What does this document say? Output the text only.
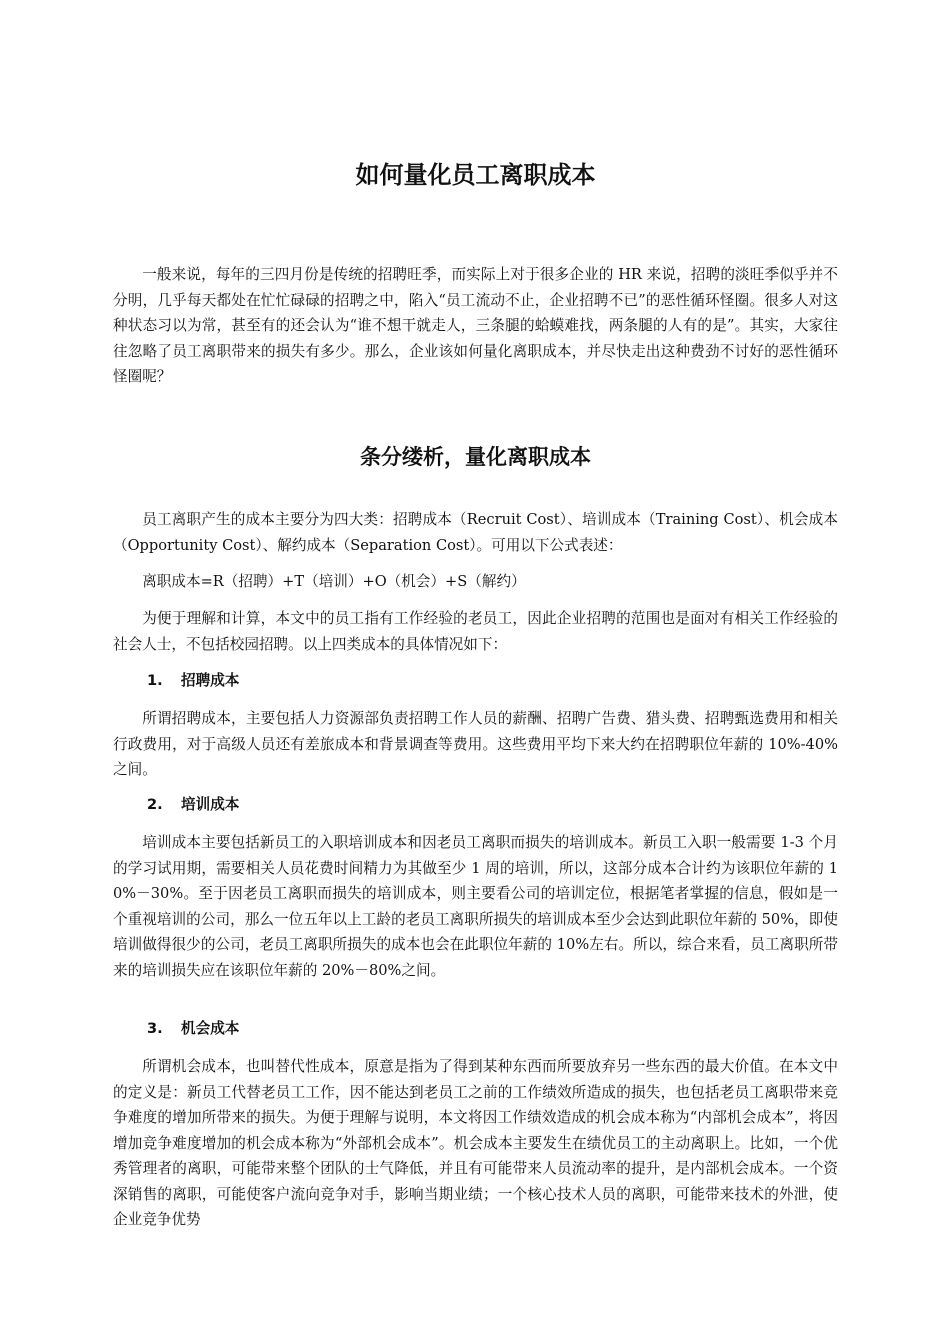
如何量化员工离职成本

一般来说，每年的三四月份是传统的招聘旺季，而实际上对于很多企业的 HR 来说，招聘的淡旺季似乎并不分明，几乎每天都处在忙忙碌碌的招聘之中，陷入“员工流动不止，企业招聘不已”的恶性循环怪圈。很多人对这种状态习以为常，甚至有的还会认为“谁不想干就走人，三条腿的蛤蟆难找，两条腿的人有的是”。其实，大家往往忽略了员工离职带来的损失有多少。那么，企业该如何量化离职成本，并尽快走出这种费劲不讨好的恶性循环怪圈呢？

条分缕析，量化离职成本

员工离职产生的成本主要分为四大类：招聘成本（Recruit Cost）、培训成本（Training Cost）、机会成本（Opportunity Cost）、解约成本（Separation Cost）。可用以下公式表述：

离职成本=R（招聘）+T（培训）+O（机会）+S（解约）

为便于理解和计算，本文中的员工指有工作经验的老员工，因此企业招聘的范围也是面对有相关工作经验的社会人士，不包括校园招聘。以上四类成本的具体情况如下：

1. 招聘成本

所谓招聘成本，主要包括人力资源部负责招聘工作人员的薪酬、招聘广告费、猎头费、招聘甄选费用和相关行政费用，对于高级人员还有差旅成本和背景调查等费用。这些费用平均下来大约在招聘职位年薪的 10%-40%之间。

2. 培训成本

培训成本主要包括新员工的入职培训成本和因老员工离职而损失的培训成本。新员工入职一般需要 1-3 个月的学习试用期，需要相关人员花费时间精力为其做至少 1 周的培训，所以，这部分成本合计约为该职位年薪的 10%－30%。至于因老员工离职而损失的培训成本，则主要看公司的培训定位，根据笔者掌握的信息，假如是一个重视培训的公司，那么一位五年以上工龄的老员工离职所损失的培训成本至少会达到此职位年薪的 50%，即使培训做得很少的公司，老员工离职所损失的成本也会在此职位年薪的 10%左右。所以，综合来看，员工离职所带来的培训损失应在该职位年薪的 20%－80%之间。

3. 机会成本

所谓机会成本，也叫替代性成本，原意是指为了得到某种东西而所要放弃另一些东西的最大价值。在本文中的定义是：新员工代替老员工工作，因不能达到老员工之前的工作绩效所造成的损失，也包括老员工离职带来竞争难度的增加所带来的损失。为便于理解与说明，本文将因工作绩效造成的机会成本称为“内部机会成本”，将因增加竞争难度增加的机会成本称为“外部机会成本”。机会成本主要发生在绩优员工的主动离职上。比如，一个优秀管理者的离职，可能带来整个团队的士气降低，并且有可能带来人员流动率的提升，是内部机会成本。一个资深销售的离职，可能使客户流向竞争对手，影响当期业绩；一个核心技术人员的离职，可能带来技术的外泄，使企业竞争优势
